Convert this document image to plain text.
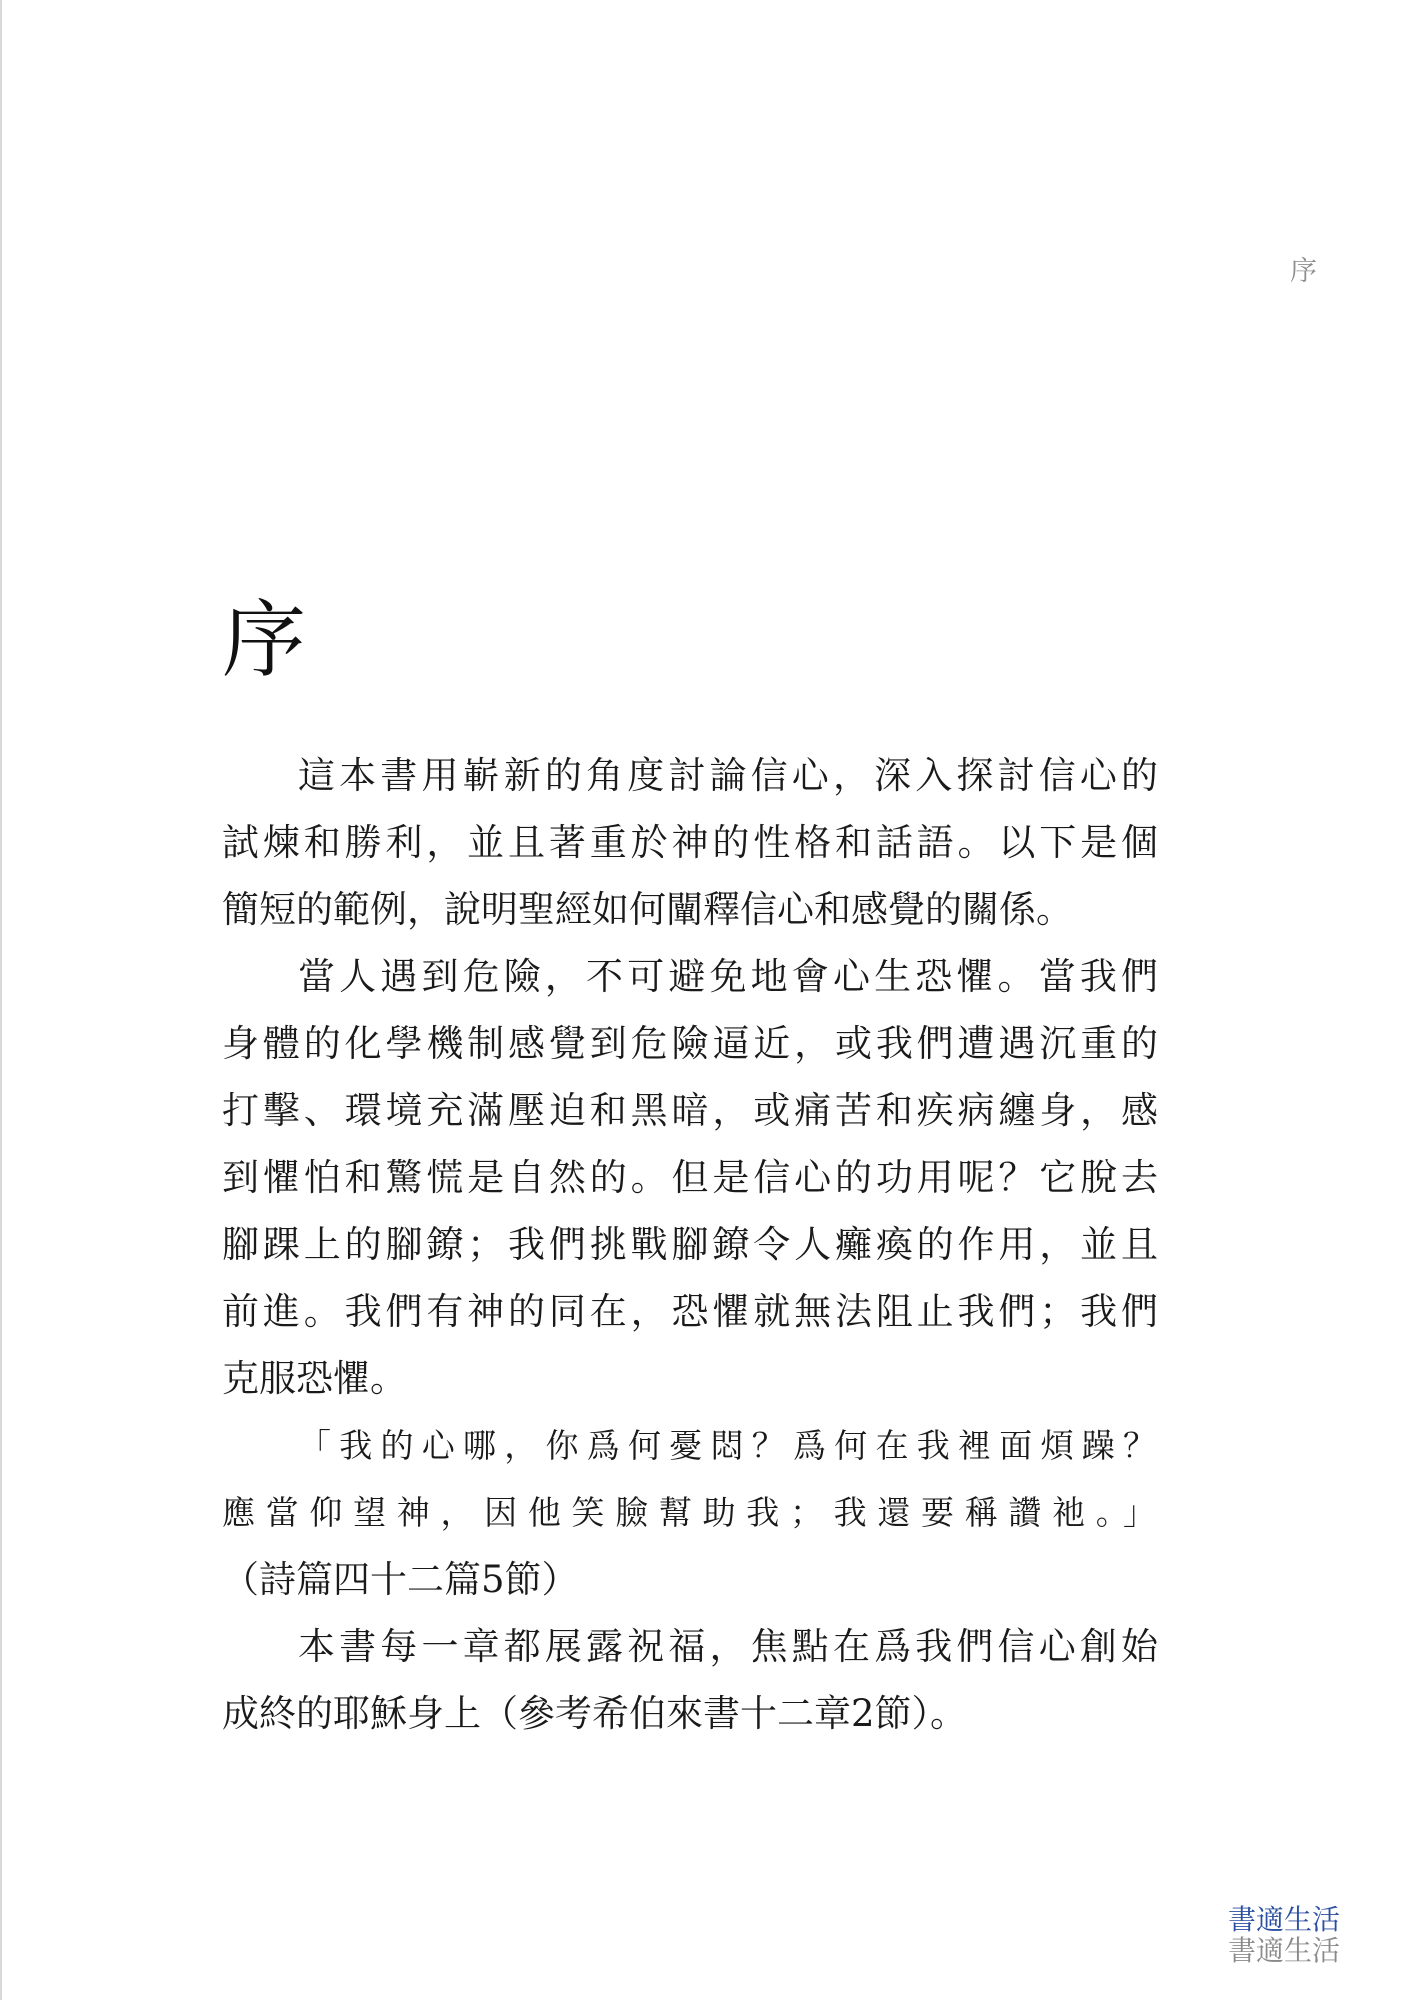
序
序
這本書用嶄新的角度討論信心，深入探討信心的
試煉和勝利，並且著重於神的性格和話語。以下是個
簡短的範例，說明聖經如何闡釋信心和感覺的關係。
當人遇到危險，不可避免地會心生恐懼。當我們
身體的化學機制感覺到危險逼近，或我們遭遇沉重的
打擊、環境充滿壓迫和黑暗，或痛苦和疾病纏身，感
到懼怕和驚慌是自然的。但是信心的功用呢？它脫去
腳踝上的腳鐐；我們挑戰腳鐐令人癱瘓的作用，並且
前進。我們有神的同在，恐懼就無法阻止我們；我們
克服恐懼。
「我的心哪，你爲何憂悶？爲何在我裡面煩躁？
應當仰望神，因他笑臉幫助我；我還要稱讚祂。」
（詩篇四十二篇5節）
本書每一章都展露祝福，焦點在爲我們信心創始
成終的耶穌身上（參考希伯來書十二章2節）。
書適生活
書適生活
